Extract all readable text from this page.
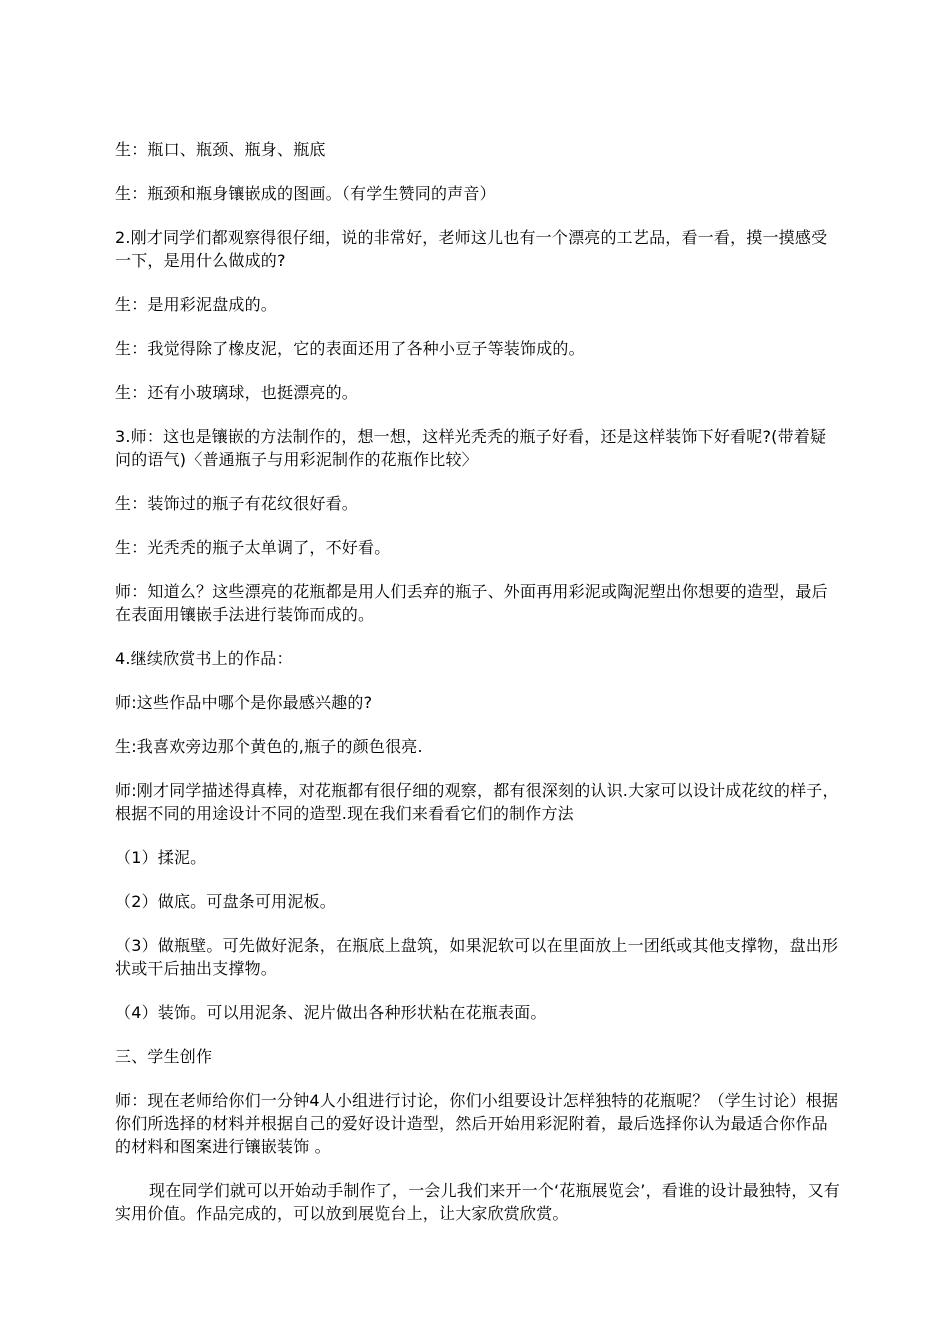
生：瓶口、瓶颈、瓶身、瓶底

生：瓶颈和瓶身镶嵌成的图画。（有学生赞同的声音）

2.刚才同学们都观察得很仔细，说的非常好，老师这儿也有一个漂亮的工艺品，看一看，摸一摸感受一下，是用什么做成的?

生：是用彩泥盘成的。

生：我觉得除了橡皮泥，它的表面还用了各种小豆子等装饰成的。

生：还有小玻璃球，也挺漂亮的。

3.师：这也是镶嵌的方法制作的，想一想，这样光秃秃的瓶子好看，还是这样装饰下好看呢?(带着疑问的语气)〈普通瓶子与用彩泥制作的花瓶作比较〉

生：装饰过的瓶子有花纹很好看。

生：光秃秃的瓶子太单调了，不好看。

师：知道么？这些漂亮的花瓶都是用人们丢弃的瓶子、外面再用彩泥或陶泥塑出你想要的造型，最后在表面用镶嵌手法进行装饰而成的。

4.继续欣赏书上的作品：

师:这些作品中哪个是你最感兴趣的?

生:我喜欢旁边那个黄色的,瓶子的颜色很亮.

师:刚才同学描述得真棒，对花瓶都有很仔细的观察，都有很深刻的认识.大家可以设计成花纹的样子，根据不同的用途设计不同的造型.现在我们来看看它们的制作方法

（1）揉泥。

（2）做底。可盘条可用泥板。

（3）做瓶壁。可先做好泥条，在瓶底上盘筑，如果泥软可以在里面放上一团纸或其他支撑物，盘出形状或干后抽出支撑物。

（4）装饰。可以用泥条、泥片做出各种形状粘在花瓶表面。

三、学生创作

师：现在老师给你们一分钟4人小组进行讨论，你们小组要设计怎样独特的花瓶呢？（学生讨论）根据你们所选择的材料并根据自己的爱好设计造型，然后开始用彩泥附着，最后选择你认为最适合你作品的材料和图案进行镶嵌装饰 。

现在同学们就可以开始动手制作了，一会儿我们来开一个‘花瓶展览会’，看谁的设计最独特，又有实用价值。作品完成的，可以放到展览台上，让大家欣赏欣赏。
